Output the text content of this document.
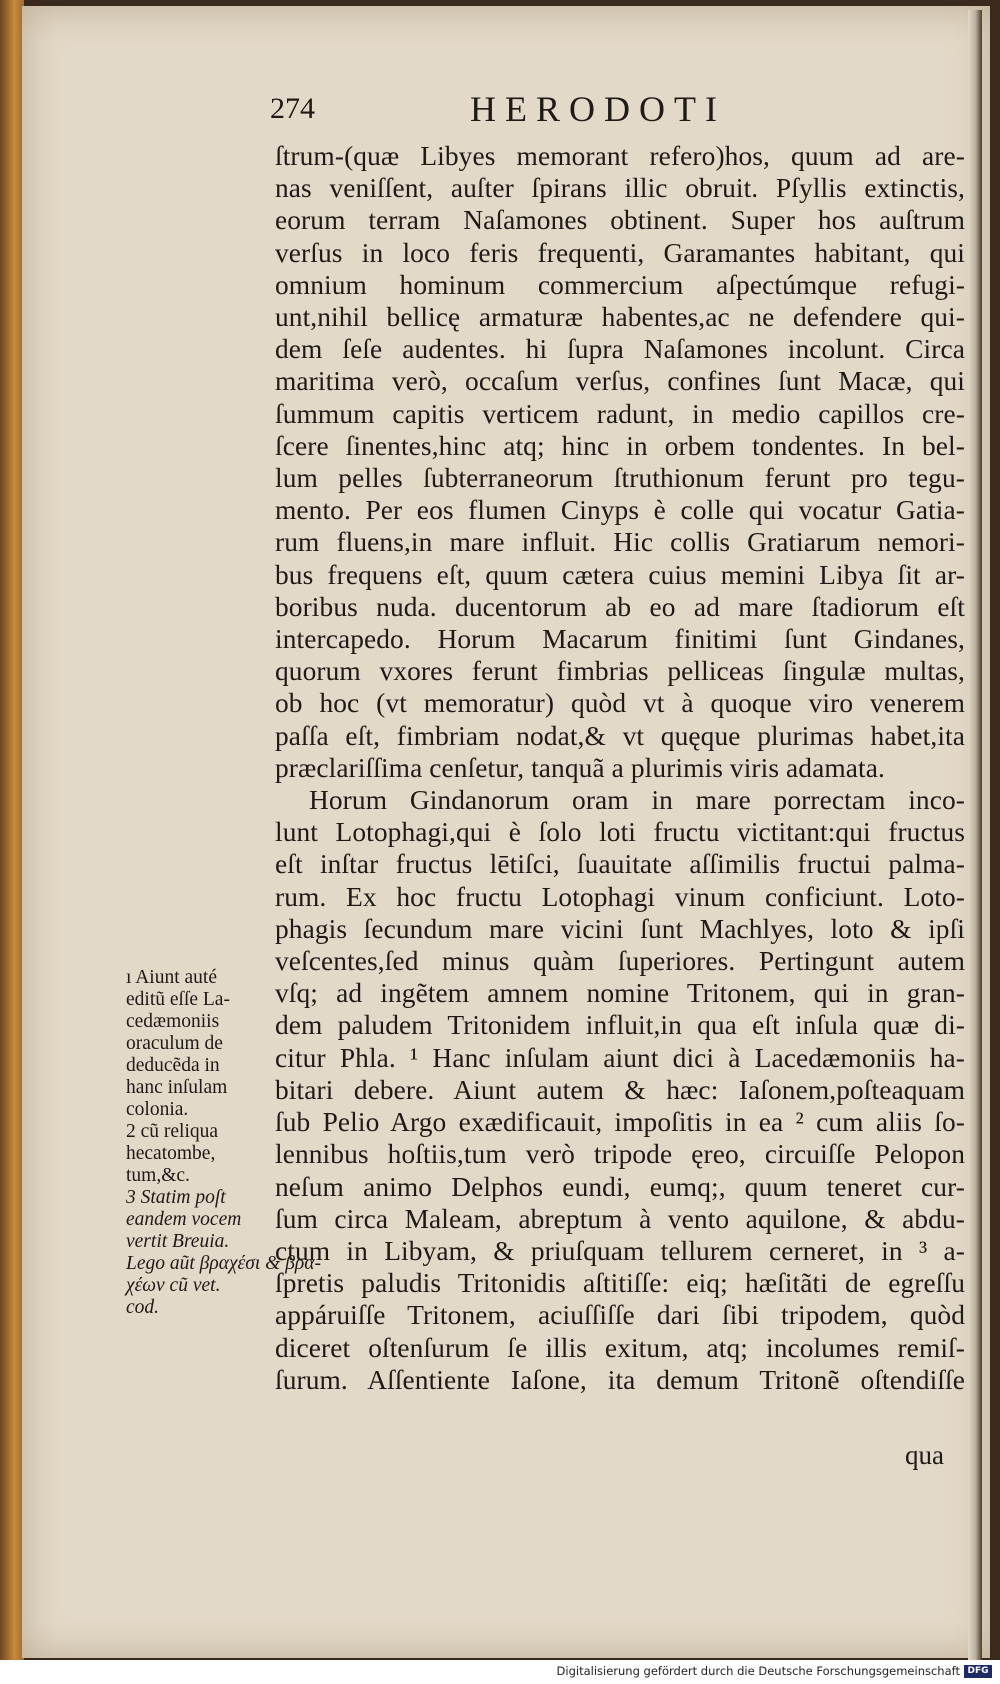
274	HERODOTI
ſtrum-(quæ Libyes memorant refero)hos, quum ad are-
nas veniſſent, auſter ſpirans illic obruit. Pſyllis extinctis,
eorum terram Naſamones obtinent. Super hos auſtrum
verſus in loco feris frequenti, Garamantes habitant, qui
omnium hominum commercium aſpectúmque refugi-
unt,nihil bellicę armaturæ habentes,ac ne defendere qui-
dem ſeſe audentes. hi ſupra Naſamones incolunt. Circa
maritima verò, occaſum verſus, confines ſunt Macæ, qui
ſummum capitis verticem radunt, in medio capillos cre-
ſcere ſinentes,hinc atq; hinc in orbem tondentes. In bel-
lum pelles ſubterraneorum ſtruthionum ferunt pro tegu-
mento. Per eos flumen Cinyps è colle qui vocatur Gatia-
rum fluens,in mare influit. Hic collis Gratiarum nemori-
bus frequens eſt, quum cætera cuius memini Libya ſit ar-
boribus nuda. ducentorum ab eo ad mare ſtadiorum eſt
intercapedo. Horum Macarum finitimi ſunt Gindanes,
quorum vxores ferunt fimbrias pelliceas ſingulæ multas,
ob hoc (vt memoratur) quòd vt à quoque viro venerem
paſſa eſt, fimbriam nodat,& vt quęque plurimas habet,ita
præclariſſima cenſetur, tanquã a plurimis viris adamata.
Horum Gindanorum oram in mare porrectam inco-
lunt Lotophagi,qui è ſolo loti fructu victitant:qui fructus
eſt inſtar fructus lētiſci, ſuauitate aſſimilis fructui palma-
rum. Ex hoc fructu Lotophagi vinum conficiunt. Loto-
phagis ſecundum mare vicini ſunt Machlyes, loto & ipſi
veſcentes,ſed minus quàm ſuperiores. Pertingunt autem
vſq; ad ingẽtem amnem nomine Tritonem, qui in gran-
dem paludem Tritonidem influit,in qua eſt inſula quæ di-
citur Phla. ¹ Hanc inſulam aiunt dici à Lacedæmoniis ha-
bitari debere. Aiunt autem & hæc: Iaſonem,poſteaquam
ſub Pelio Argo exædificauit, impoſitis in ea ² cum aliis ſo-
lennibus hoſtiis,tum verò tripode ęreo, circuiſſe Pelopon
neſum animo Delphos eundi, eumq;, quum teneret cur-
ſum circa Maleam, abreptum à vento aquilone, & abdu-
ctum in Libyam, & priuſquam tellurem cerneret, in ³ a-
ſpretis paludis Tritonidis aſtitiſſe: eiq; hæſitãti de egreſſu
appáruiſſe Tritonem, aciuſſiſſe dari ſibi tripodem, quòd
diceret oſtenſurum ſe illis exitum, atq; incolumes remiſ-
ſurum. Aſſentiente Iaſone, ita demum Tritonẽ oſtendiſſe
ı Aiunt auté
editũ eſſe La-
cedæmoniis
oraculum de
deducẽda in
hanc inſulam
colonia.
2 cũ reliqua
hecatombe,
tum,&c.
3 Statim poſt
eandem vocem
vertit Breuia.
Lego aũt βραχέσι & βρα-
χέων cũ vet.
cod.
qua
Digitalisierung gefördert durch die Deutsche Forschungsgemeinschaft DFG
